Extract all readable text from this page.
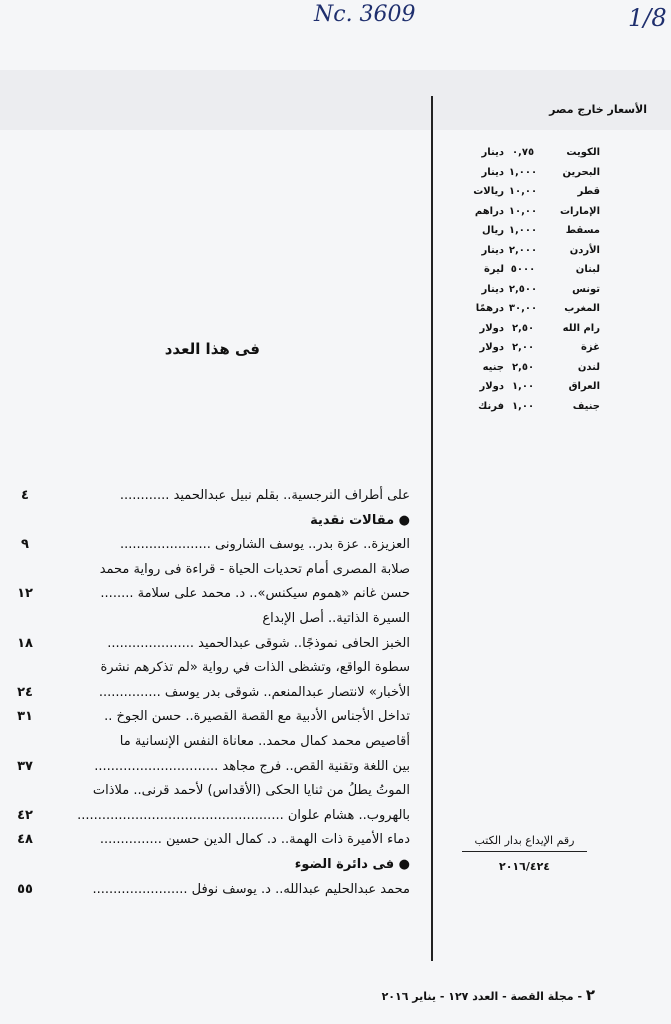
Nc. 3609	1/8
الأسعار خارج مصر
الكويت
٠,٧٥
دينار
البحرين
١,٠٠٠
دينار
قطر
١٠,٠٠
ريالات
الإمارات
١٠,٠٠
دراهم
مسقط
١,٠٠٠
ريال
الأردن
٢,٠٠٠
دينار
لبنان
٥٠٠٠
ليرة
تونس
٢,٥٠٠
دينار
المغرب
٣٠,٠٠
درهمًا
رام الله
٢,٥٠
دولار
غزة
٢,٠٠
دولار
لندن
٢,٥٠
جنيه
العراق
١,٠٠
دولار
جنيف
١,٠٠
فرنك
فى هذا العدد
على أطراف النرجسية.. بقلم نبيل عبدالحميد ............
٤
● مقالات نقدية
العزيزة.. عزة بدر.. يوسف الشارونى ......................
٩
صلابة المصرى أمام تحديات الحياة - قراءة فى رواية محمد
حسن غانم «هموم سيكنس».. د. محمد على سلامة ........
١٢
السيرة الذاتية.. أصل الإبداع
الخبز الحافى نموذجًا.. شوقى عبدالحميد .....................
١٨
سطوة الواقع، وتشظى الذات في رواية «لم تذكرهم نشرة
الأخبار» لانتصار عبدالمنعم.. شوقى بدر يوسف ...............
٢٤
تداخل الأجناس الأدبية مع القصة القصيرة.. حسن الجوخ ..
٣١
أقاصيص محمد كمال محمد.. معاناة النفس الإنسانية ما
بين اللغة وتقنية القص.. فرج مجاهد ..............................
٣٧
الموتُ يطلُ من ثنايا الحكى (الأقداس) لأحمد قرنى.. ملاذات
بالهروب.. هشام علوان ..................................................
٤٢
دماء الأميرة ذات الهمة.. د. كمال الدين حسين ...............
٤٨
● فى دائرة الضوء
محمد عبدالحليم عبدالله.. د. يوسف نوفل .......................
٥٥
رقم الإيداع بدار الكتب
٢٠١٦/٤٢٤
٢ - مجلة القصة - العدد ١٢٧ - يناير ٢٠١٦
